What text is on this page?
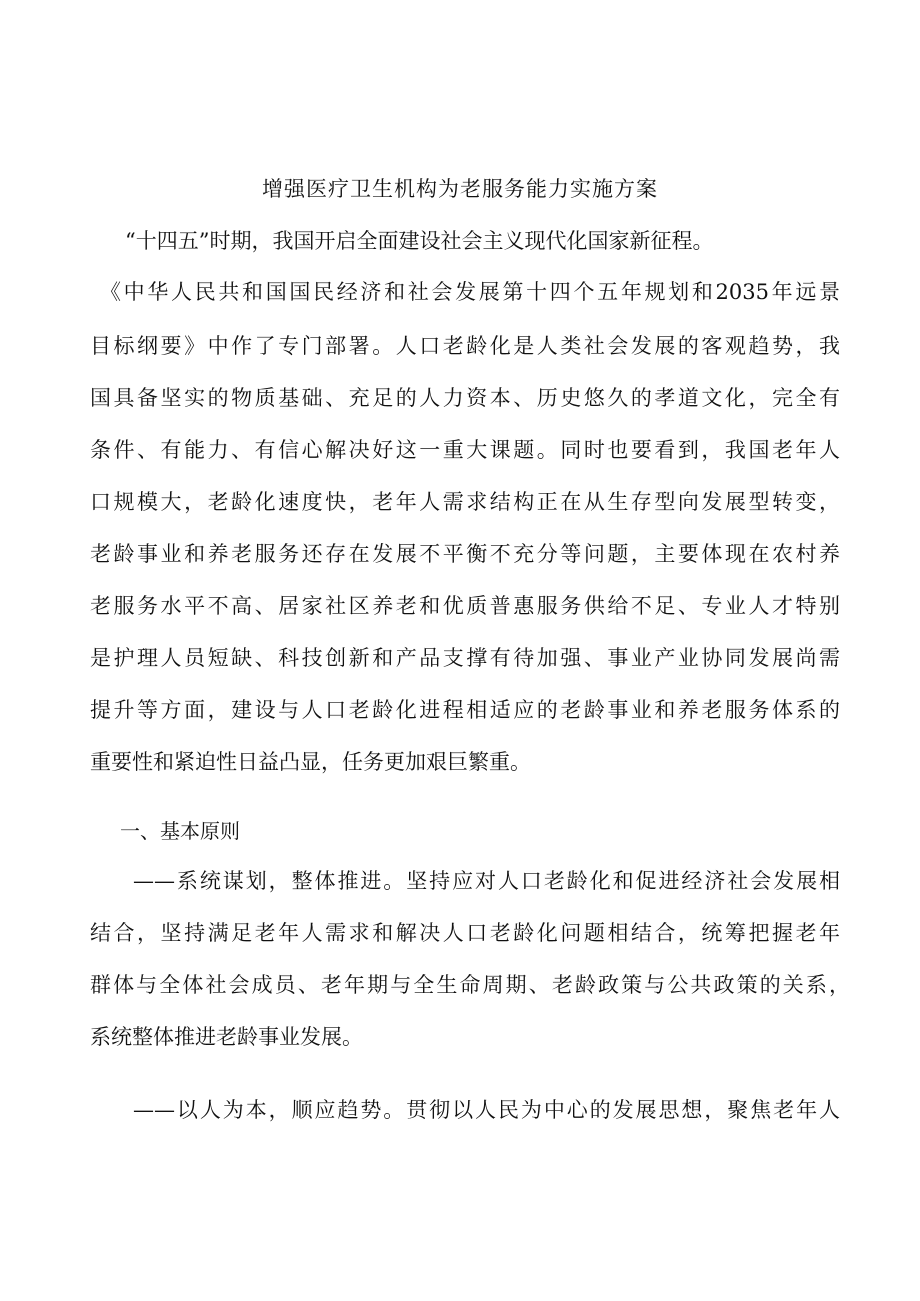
增强医疗卫生机构为老服务能力实施方案
“十四五”时期，我国开启全面建设社会主义现代化国家新征程。
《中华人民共和国国民经济和社会发展第十四个五年规划和2035年远景
目标纲要》中作了专门部署。人口老龄化是人类社会发展的客观趋势，我
国具备坚实的物质基础、充足的人力资本、历史悠久的孝道文化，完全有
条件、有能力、有信心解决好这一重大课题。同时也要看到，我国老年人
口规模大，老龄化速度快，老年人需求结构正在从生存型向发展型转变，
老龄事业和养老服务还存在发展不平衡不充分等问题，主要体现在农村养
老服务水平不高、居家社区养老和优质普惠服务供给不足、专业人才特别
是护理人员短缺、科技创新和产品支撑有待加强、事业产业协同发展尚需
提升等方面，建设与人口老龄化进程相适应的老龄事业和养老服务体系的
重要性和紧迫性日益凸显，任务更加艰巨繁重。
一、基本原则
——系统谋划，整体推进。坚持应对人口老龄化和促进经济社会发展相
结合，坚持满足老年人需求和解决人口老龄化问题相结合，统筹把握老年
群体与全体社会成员、老年期与全生命周期、老龄政策与公共政策的关系，
系统整体推进老龄事业发展。
——以人为本，顺应趋势。贯彻以人民为中心的发展思想，聚焦老年人
